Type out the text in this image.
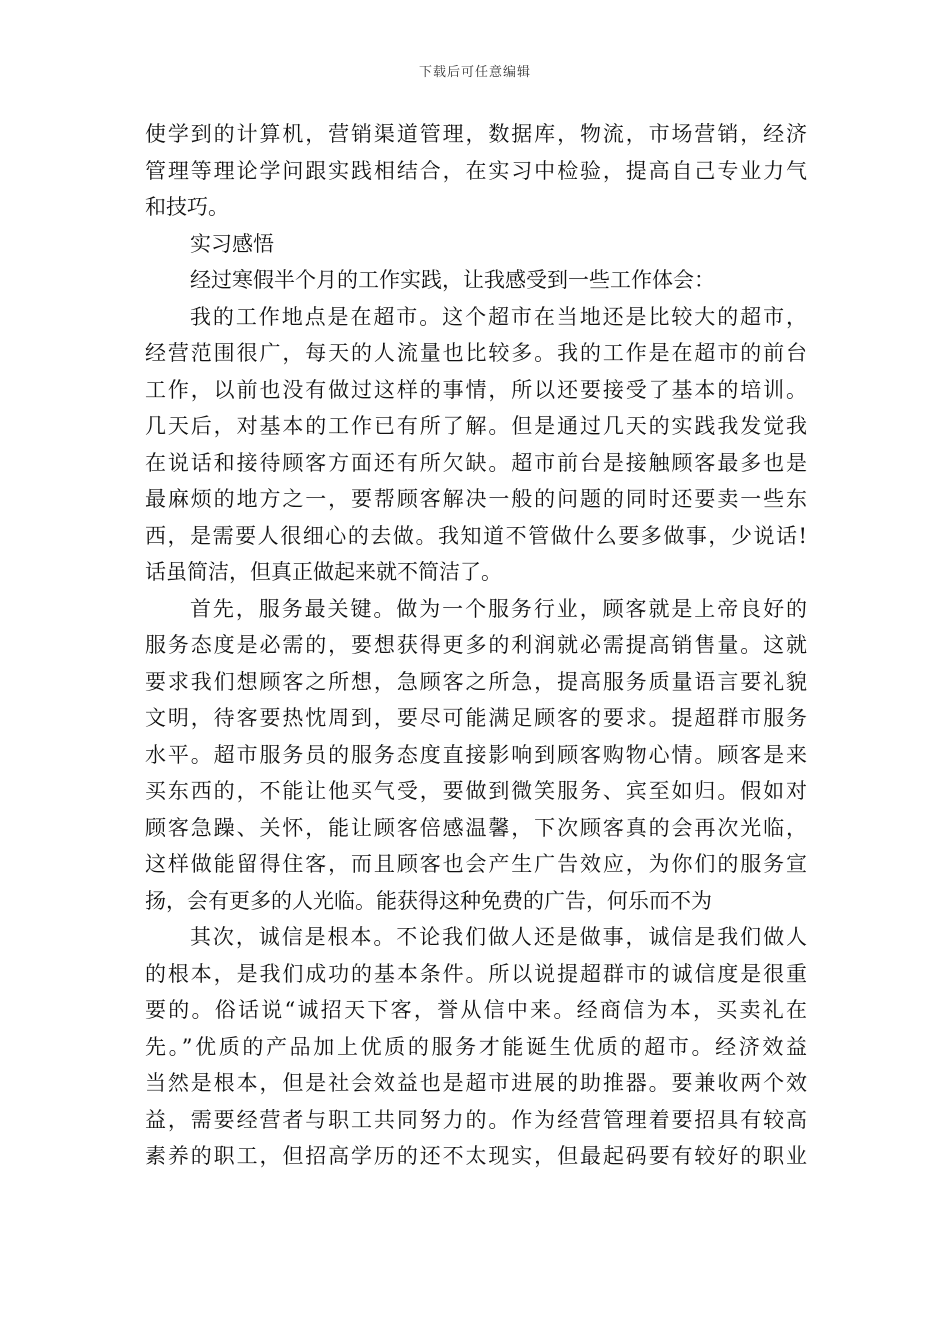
下载后可任意编辑
使学到的计算机，营销渠道管理，数据库，物流，市场营销，经济
管理等理论学问跟实践相结合，在实习中检验，提高自己专业力气
和技巧。
实习感悟
经过寒假半个月的工作实践，让我感受到一些工作体会：
我的工作地点是在超市。这个超市在当地还是比较大的超市，
经营范围很广，每天的人流量也比较多。我的工作是在超市的前台
工作，以前也没有做过这样的事情，所以还要接受了基本的培训。
几天后，对基本的工作已有所了解。但是通过几天的实践我发觉我
在说话和接待顾客方面还有所欠缺。超市前台是接触顾客最多也是
最麻烦的地方之一，要帮顾客解决一般的问题的同时还要卖一些东
西，是需要人很细心的去做。我知道不管做什么要多做事，少说话!
话虽简洁，但真正做起来就不简洁了。
首先，服务最关键。做为一个服务行业，顾客就是上帝良好的
服务态度是必需的，要想获得更多的利润就必需提高销售量。这就
要求我们想顾客之所想，急顾客之所急，提高服务质量语言要礼貌
文明，待客要热忱周到，要尽可能满足顾客的要求。提超群市服务
水平。超市服务员的服务态度直接影响到顾客购物心情。顾客是来
买东西的，不能让他买气受，要做到微笑服务、宾至如归。假如对
顾客急躁、关怀，能让顾客倍感温馨，下次顾客真的会再次光临，
这样做能留得住客，而且顾客也会产生广告效应，为你们的服务宣
扬，会有更多的人光临。能获得这种免费的广告，何乐而不为
其次，诚信是根本。不论我们做人还是做事，诚信是我们做人
的根本，是我们成功的基本条件。所以说提超群市的诚信度是很重
要的。俗话说“诚招天下客，誉从信中来。经商信为本，买卖礼在
先。”优质的产品加上优质的服务才能诞生优质的超市。经济效益
当然是根本，但是社会效益也是超市进展的助推器。要兼收两个效
益，需要经营者与职工共同努力的。作为经营管理着要招具有较高
素养的职工，但招高学历的还不太现实，但最起码要有较好的职业
